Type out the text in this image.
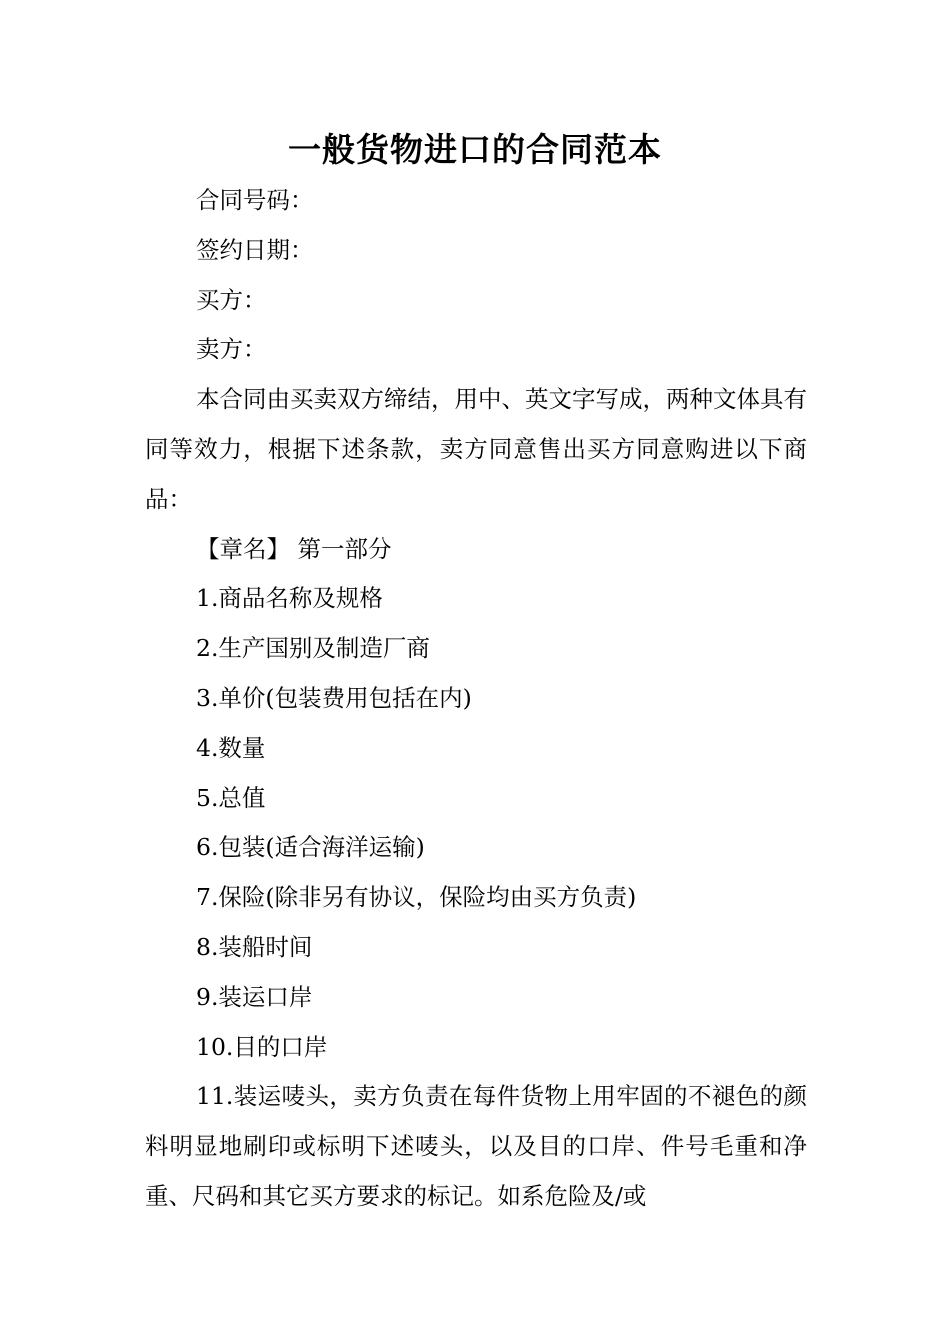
一般货物进口的合同范本

合同号码：

签约日期：

买方：

卖方：

本合同由买卖双方缔结，用中、英文字写成，两种文体具有同等效力，根据下述条款，卖方同意售出买方同意购进以下商品：

【章名】 第一部分

1.商品名称及规格

2.生产国别及制造厂商

3.单价(包装费用包括在内)

4.数量

5.总值

6.包装(适合海洋运输)

7.保险(除非另有协议，保险均由买方负责)

8.装船时间

9.装运口岸

10.目的口岸

11.装运唛头，卖方负责在每件货物上用牢固的不褪色的颜料明显地刷印或标明下述唛头，以及目的口岸、件号毛重和净重、尺码和其它买方要求的标记。如系危险及/或
